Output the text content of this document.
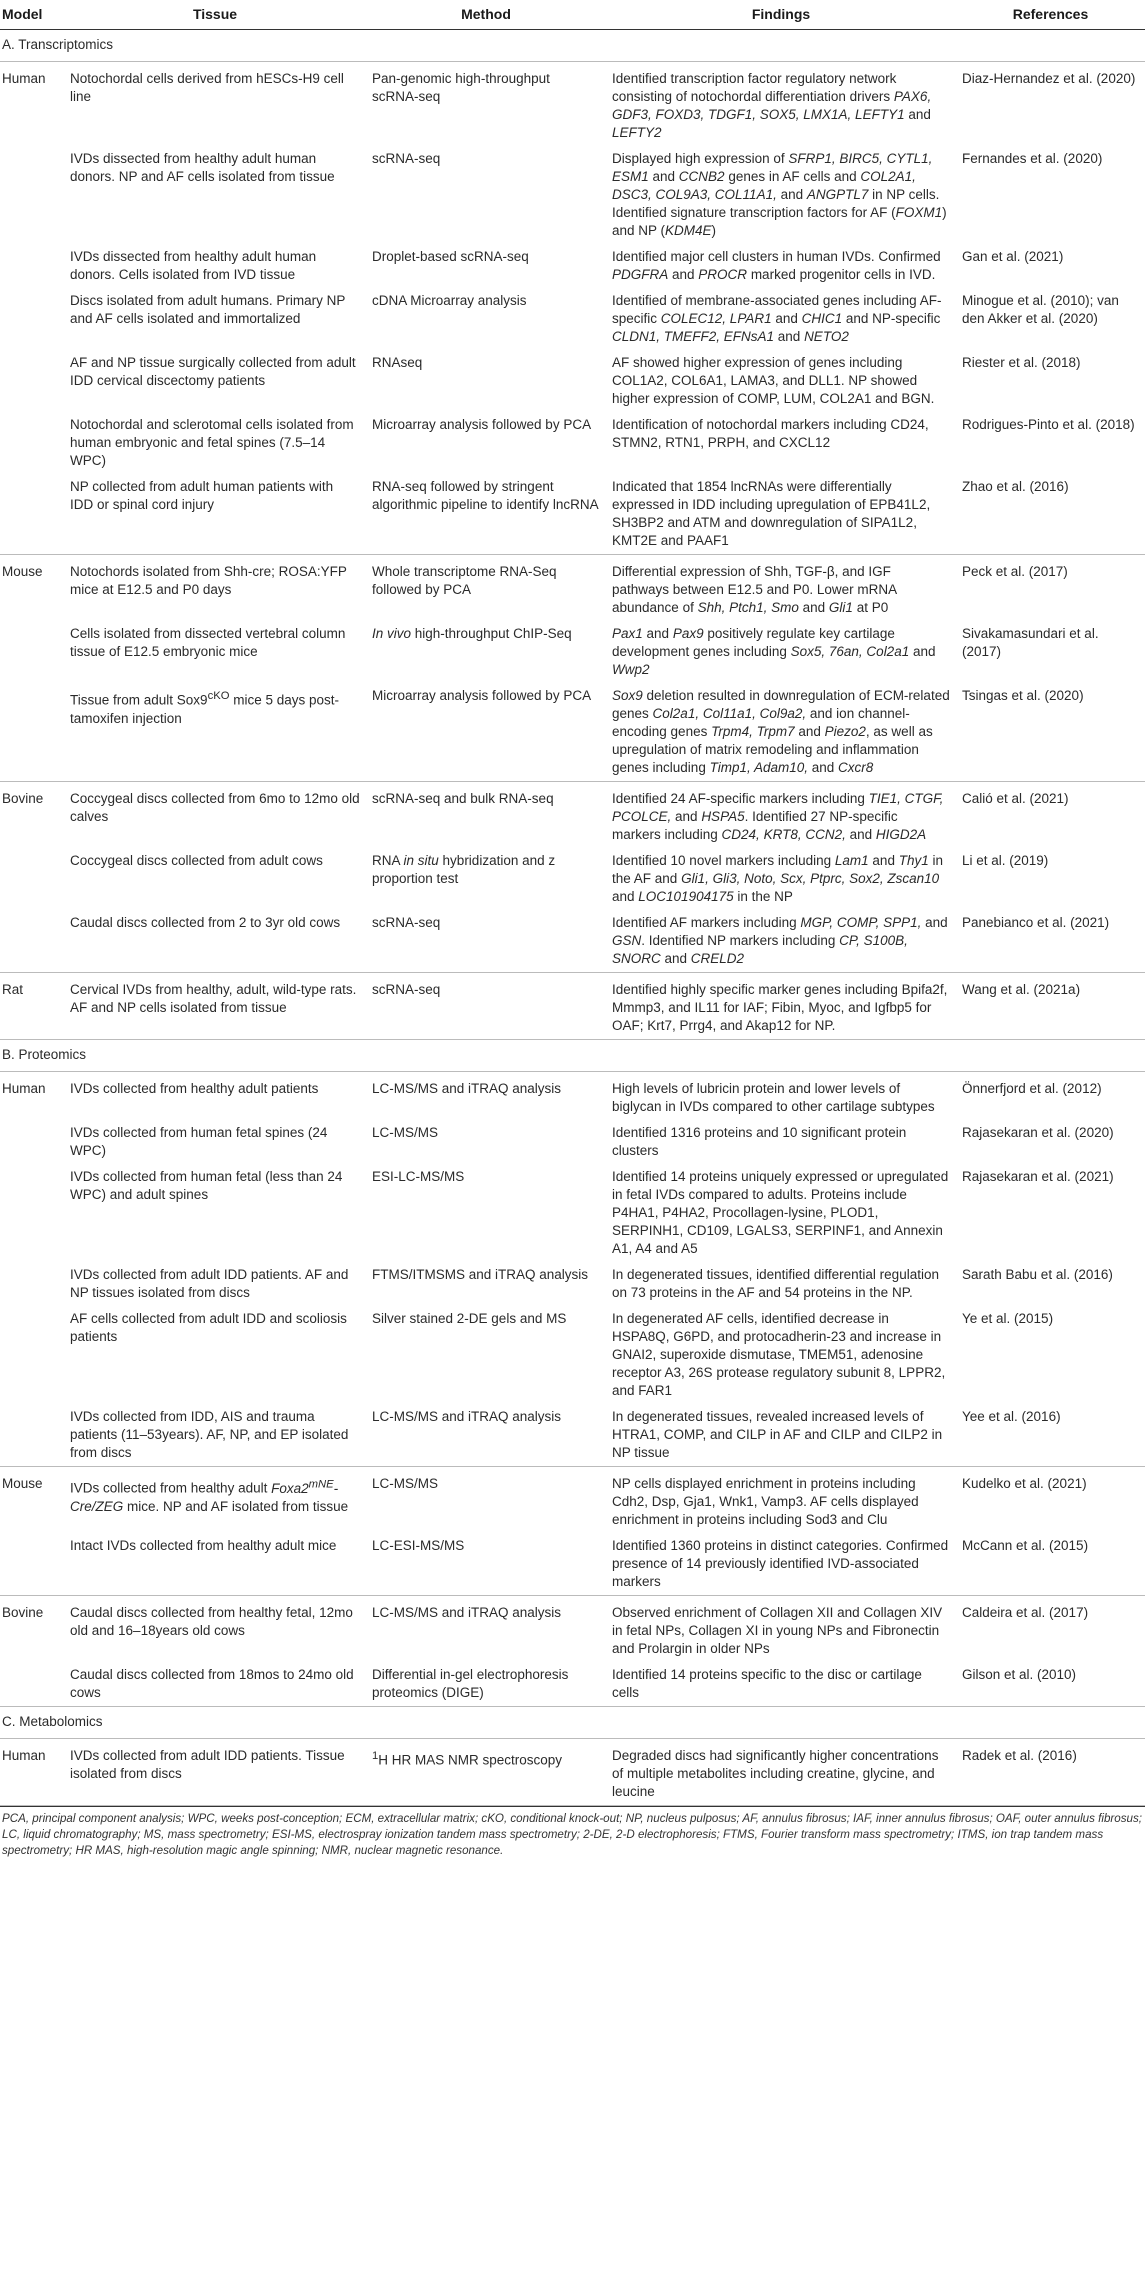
Model	Tissue	Method	Findings	References
A. Transcriptomics				
Human	Notochordal cells derived from hESCs-H9 cell line	Pan-genomic high-throughput scRNA-seq	Identified transcription factor regulatory network consisting of notochordal differentiation drivers PAX6, GDF3, FOXD3, TDGF1, SOX5, LMX1A, LEFTY1 and LEFTY2	Diaz-Hernandez et al. (2020)
	IVDs dissected from healthy adult human donors. NP and AF cells isolated from tissue	scRNA-seq	Displayed high expression of SFRP1, BIRC5, CYTL1, ESM1 and CCNB2 genes in AF cells and COL2A1, DSC3, COL9A3, COL11A1, and ANGPTL7 in NP cells. Identified signature transcription factors for AF (FOXM1) and NP (KDM4E)	Fernandes et al. (2020)
	IVDs dissected from healthy adult human donors. Cells isolated from IVD tissue	Droplet-based scRNA-seq	Identified major cell clusters in human IVDs. Confirmed PDGFRA and PROCR marked progenitor cells in IVD.	Gan et al. (2021)
	Discs isolated from adult humans. Primary NP and AF cells isolated and immortalized	cDNA Microarray analysis	Identified of membrane-associated genes including AF-specific COLEC12, LPAR1 and CHIC1 and NP-specific CLDN1, TMEFF2, EFNsA1 and NETO2	Minogue et al. (2010); van den Akker et al. (2020)
	AF and NP tissue surgically collected from adult IDD cervical discectomy patients	RNAseq	AF showed higher expression of genes including COL1A2, COL6A1, LAMA3, and DLL1. NP showed higher expression of COMP, LUM, COL2A1 and BGN.	Riester et al. (2018)
	Notochordal and sclerotomal cells isolated from human embryonic and fetal spines (7.5–14 WPC)	Microarray analysis followed by PCA	Identification of notochordal markers including CD24, STMN2, RTN1, PRPH, and CXCL12	Rodrigues-Pinto et al. (2018)
	NP collected from adult human patients with IDD or spinal cord injury	RNA-seq followed by stringent algorithmic pipeline to identify lncRNA	Indicated that 1854 lncRNAs were differentially expressed in IDD including upregulation of EPB41L2, SH3BP2 and ATM and downregulation of SIPA1L2, KMT2E and PAAF1	Zhao et al. (2016)
Mouse	Notochords isolated from Shh-cre; ROSA:YFP mice at E12.5 and P0 days	Whole transcriptome RNA-Seq followed by PCA	Differential expression of Shh, TGF-β, and IGF pathways between E12.5 and P0. Lower mRNA abundance of Shh, Ptch1, Smo and Gli1 at P0	Peck et al. (2017)
	Cells isolated from dissected vertebral column tissue of E12.5 embryonic mice	In vivo high-throughput ChIP-Seq	Pax1 and Pax9 positively regulate key cartilage development genes including Sox5, 76an, Col2a1 and Wwp2	Sivakamasundari et al. (2017)
	Tissue from adult $Sox9^{cKO}$ mice 5 days post-tamoxifen injection	Microarray analysis followed by PCA	Sox9 deletion resulted in downregulation of ECM-related genes Col2a1, Col11a1, Col9a2, and ion channel-encoding genes Trpm4, Trpm7 and Piezo2, as well as upregulation of matrix remodeling and inflammation genes including Timp1, Adam10, and Cxcr8	Tsingas et al. (2020)
Bovine	Coccygeal discs collected from 6mo to 12mo old calves	scRNA-seq and bulk RNA-seq	Identified 24 AF-specific markers including TIE1, CTGF, PCOLCE, and HSPA5. Identified 27 NP-specific markers including CD24, KRT8, CCN2, and HIGD2A	Calió et al. (2021)
	Coccygeal discs collected from adult cows	RNA in situ hybridization and z proportion test	Identified 10 novel markers including Lam1 and Thy1 in the AF and Gli1, Gli3, Noto, Scx, Ptprc, Sox2, Zscan10 and LOC101904175 in the NP	Li et al. (2019)
	Caudal discs collected from 2 to 3yr old cows	scRNA-seq	Identified AF markers including MGP, COMP, SPP1, and GSN. Identified NP markers including CP, S100B, SNORC and CRELD2	Panebianco et al. (2021)
Rat	Cervical IVDs from healthy, adult, wild-type rats. AF and NP cells isolated from tissue	scRNA-seq	Identified highly specific marker genes including Bpifa2f, Mmmp3, and IL11 for IAF; Fibin, Myoc, and Igfbp5 for OAF; Krt7, Prrg4, and Akap12 for NP.	Wang et al. (2021a)
B. Proteomics				
Human	IVDs collected from healthy adult patients	LC-MS/MS and iTRAQ analysis	High levels of lubricin protein and lower levels of biglycan in IVDs compared to other cartilage subtypes	Önnerfjord et al. (2012)
	IVDs collected from human fetal spines (24 WPC)	LC-MS/MS	Identified 1316 proteins and 10 significant protein clusters	Rajasekaran et al. (2020)
	IVDs collected from human fetal (less than 24 WPC) and adult spines	ESI-LC-MS/MS	Identified 14 proteins uniquely expressed or upregulated in fetal IVDs compared to adults. Proteins include P4HA1, P4HA2, Procollagen-lysine, PLOD1, SERPINH1, CD109, LGALS3, SERPINF1, and Annexin A1, A4 and A5	Rajasekaran et al. (2021)
	IVDs collected from adult IDD patients. AF and NP tissues isolated from discs	FTMS/ITMSMS and iTRAQ analysis	In degenerated tissues, identified differential regulation on 73 proteins in the AF and 54 proteins in the NP.	Sarath Babu et al. (2016)
	AF cells collected from adult IDD and scoliosis patients	Silver stained 2-DE gels and MS	In degenerated AF cells, identified decrease in HSPA8Q, G6PD, and protocadherin-23 and increase in GNAI2, superoxide dismutase, TMEM51, adenosine receptor A3, 26S protease regulatory subunit 8, LPPR2, and FAR1	Ye et al. (2015)
	IVDs collected from IDD, AIS and trauma patients (11–53years). AF, NP, and EP isolated from discs	LC-MS/MS and iTRAQ analysis	In degenerated tissues, revealed increased levels of HTRA1, COMP, and CILP in AF and CILP and CILP2 in NP tissue	Yee et al. (2016)
Mouse	IVDs collected from healthy adult $Foxa2^{mNE}-Cre$/ZEG mice. NP and AF isolated from tissue	LC-MS/MS	NP cells displayed enrichment in proteins including Cdh2, Dsp, Gja1, Wnk1, Vamp3. AF cells displayed enrichment in proteins including Sod3 and Clu	Kudelko et al. (2021)
	Intact IVDs collected from healthy adult mice	LC-ESI-MS/MS	Identified 1360 proteins in distinct categories. Confirmed presence of 14 previously identified IVD-associated markers	McCann et al. (2015)
Bovine	Caudal discs collected from healthy fetal, 12mo old and 16–18years old cows	LC-MS/MS and iTRAQ analysis	Observed enrichment of Collagen XII and Collagen XIV in fetal NPs, Collagen XI in young NPs and Fibronectin and Prolargin in older NPs	Caldeira et al. (2017)
	Caudal discs collected from 18mos to 24mo old cows	Differential in-gel electrophoresis proteomics (DIGE)	Identified 14 proteins specific to the disc or cartilage cells	Gilson et al. (2010)
C. Metabolomics				
Human	IVDs collected from adult IDD patients. Tissue isolated from discs	$^1$H HR MAS NMR spectroscopy	Degraded discs had significantly higher concentrations of multiple metabolites including creatine, glycine, and leucine	Radek et al. (2016)
PCA, principal component analysis; WPC, weeks post-conception; ECM, extracellular matrix; cKO, conditional knock-out; NP, nucleus pulposus; AF, annulus fibrosus; IAF, inner annulus fibrosus; OAF, outer annulus fibrosus; LC, liquid chromatography; MS, mass spectrometry; ESI-MS, electrospray ionization tandem mass spectrometry; 2-DE, 2-D electrophoresis; FTMS, Fourier transform mass spectrometry; ITMS, ion trap tandem mass spectrometry; HR MAS, high-resolution magic angle spinning; NMR, nuclear magnetic resonance.
